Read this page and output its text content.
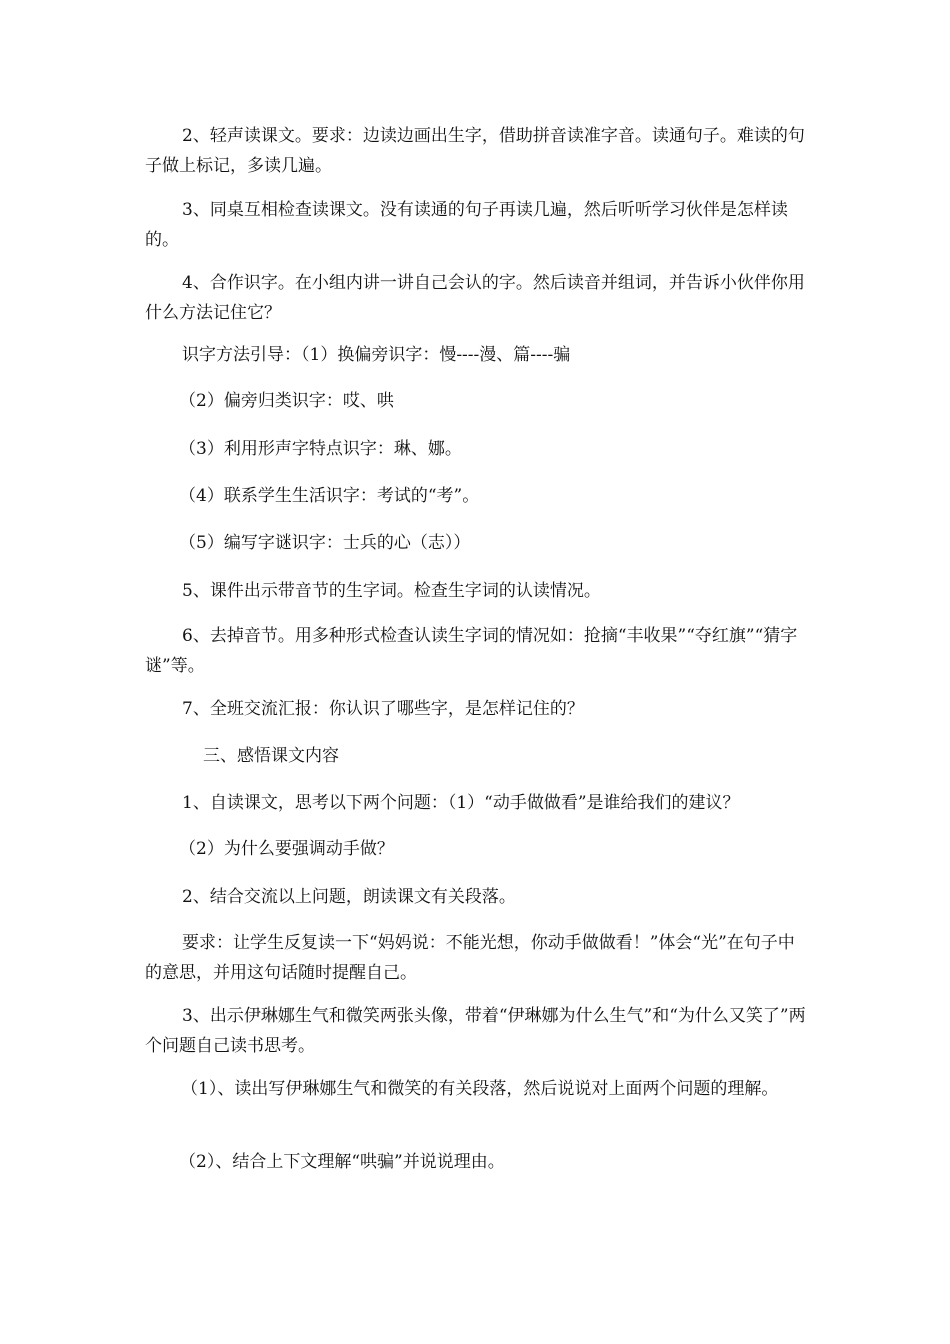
2、轻声读课文。要求：边读边画出生字，借助拼音读准字音。读通句子。难读的句子做上标记，多读几遍。

3、同桌互相检查读课文。没有读通的句子再读几遍，然后听听学习伙伴是怎样读的。

4、合作识字。在小组内讲一讲自己会认的字。然后读音并组词，并告诉小伙伴你用什么方法记住它？

识字方法引导：（1）换偏旁识字：慢----漫、篇----骗

（2）偏旁归类识字：哎、哄

（3）利用形声字特点识字：琳、娜。

（4）联系学生生活识字：考试的“考”。

（5）编写字谜识字：士兵的心（志））

5、课件出示带音节的生字词。检查生字词的认读情况。

6、去掉音节。用多种形式检查认读生字词的情况如：抢摘“丰收果”“夺红旗”“猜字谜”等。

7、全班交流汇报：你认识了哪些字，是怎样记住的？

三、感悟课文内容

1、自读课文，思考以下两个问题：（1）“动手做做看”是谁给我们的建议？

（2）为什么要强调动手做？

2、结合交流以上问题，朗读课文有关段落。

要求：让学生反复读一下“妈妈说：不能光想，你动手做做看！”体会“光”在句子中的意思，并用这句话随时提醒自己。

3、出示伊琳娜生气和微笑两张头像，带着“伊琳娜为什么生气”和“为什么又笑了”两个问题自己读书思考。

（1）、读出写伊琳娜生气和微笑的有关段落，然后说说对上面两个问题的理解。

（2）、结合上下文理解“哄骗”并说说理由。
